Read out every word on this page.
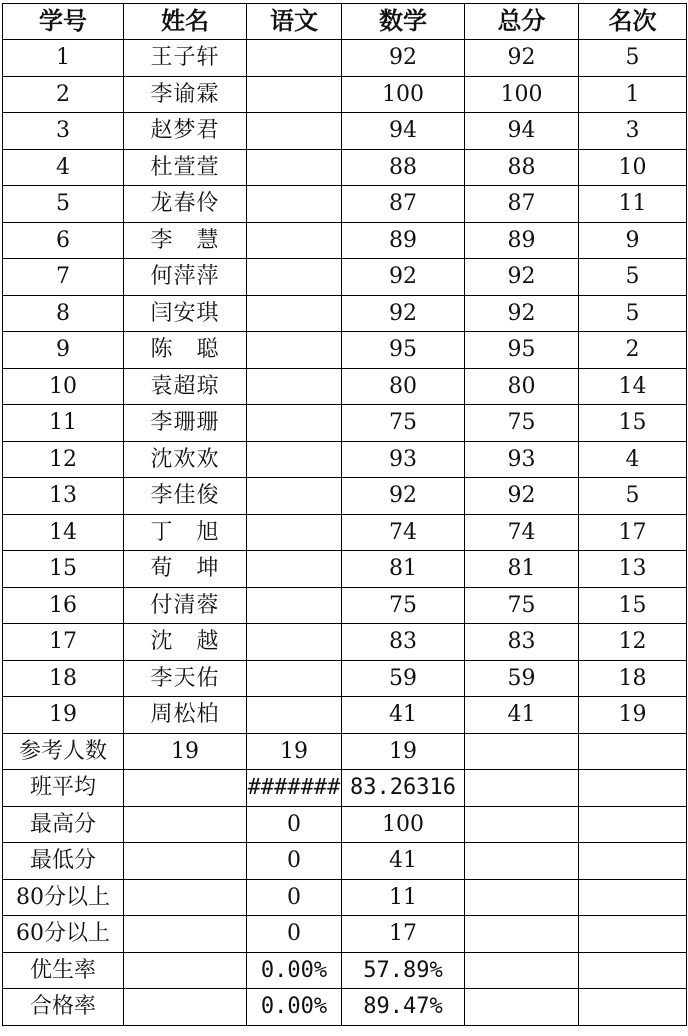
学号	姓名	语文	数学	总分	名次
1	王子轩		92	92	5
2	李谕霖		100	100	1
3	赵梦君		94	94	3
4	杜萱萱		88	88	10
5	龙春伶		87	87	11
6	李　慧		89	89	9
7	何萍萍		92	92	5
8	闫安琪		92	92	5
9	陈　聪		95	95	2
10	袁超琼		80	80	14
11	李珊珊		75	75	15
12	沈欢欢		93	93	4
13	李佳俊		92	92	5
14	丁　旭		74	74	17
15	荀　坤		81	81	13
16	付清蓉		75	75	15
17	沈　越		83	83	12
18	李天佑		59	59	18
19	周松柏		41	41	19
参考人数	19	19	19		
班平均		#######	83.26316		
最高分		0	100		
最低分		0	41		
80分以上		0	11		
60分以上		0	17		
优生率		0.00%	57.89%		
合格率		0.00%	89.47%		
